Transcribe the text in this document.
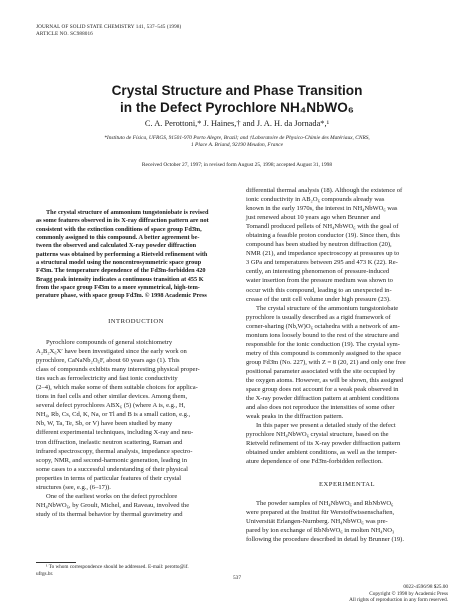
JOURNAL OF SOLID STATE CHEMISTRY 141, 537–545 (1998)
ARTICLE NO. SC988016
Crystal Structure and Phase Transition
in the Defect Pyrochlore NH₄NbWO₆
C. A. Perottoni,* J. Haines,† and J. A. H. da Jornada*,¹
*Instituto de Física, UFRGS, 91501-970 Porto Alegre, Brazil; and †Laboratoire de Physico-Chimie des Matériaux, CNRS,
1 Place A. Briand, 92190 Meudon, France
Received October 27, 1997; in revised form August 25, 1998; accepted August 31, 1998
The crystal structure of ammonium tungstoniobate is revised
as some features observed in its X-ray diffraction pattern are not
consistent with the extinction conditions of space group Fd3̄m,
commonly assigned to this compound. A better agreement be-
tween the observed and calculated X-ray powder diffraction
patterns was obtained by performing a Rietveld refinement with
a structural model using the noncentrosymmetric space group
F4̄3m. The temperature dependence of the Fd3̄m-forbidden 420
Bragg peak intensity indicates a continuous transition at 455 K
from the space group F4̄3m to a more symmetrical, high-tem-
perature phase, with space group Fd3̄m. © 1998 Academic Press
INTRODUCTION
Pyrochlore compounds of general stoichiometry
A₂B₂X₆X′ have been investigated since the early work on
pyrochlore, CaNaNb₂O₆F, about 60 years ago (1). This
class of compounds exhibits many interesting physical proper-
ties such as ferroelectricity and fast ionic conductivity
(2–4), which make some of them suitable choices for applica-
tions in fuel cells and other similar devices. Among them,
several defect pyrochlores ABX₆ (5) (where A is, e.g., H,
NH₄, Rb, Cs, Cd, K, Na, or Tl and B is a small cation, e.g.,
Nb, W, Ta, Te, Sb, or V) have been studied by many
different experimental techniques, including X-ray and neu-
tron diffraction, inelastic neutron scattering, Raman and
infrared spectroscopy, thermal analysis, impedance spectro-
scopy, NMR, and second-harmonic generation, leading in
some cases to a successful understanding of their physical
properties in terms of particular features of their crystal
structures (see, e.g., (6–17)).
One of the earliest works on the defect pyrochlore
NH₄NbWO₆, by Groult, Michel, and Raveau, involved the
study of its thermal behavior by thermal gravimetry and
¹ To whom correspondence should be addressed. E-mail: perotto@if.
ufrgs.br.
differential thermal analysis (18). Although the existence of
ionic conductivity in AB₂O₆ compounds already was
known in the early 1970s, the interest in NH₄NbWO₆ was
just renewed about 10 years ago when Brunner and
Tomandl produced pellets of NH₄NbWO₆ with the goal of
obtaining a feasible proton conductor (19). Since then, this
compound has been studied by neutron diffraction (20),
NMR (21), and impedance spectroscopy at pressures up to
3 GPa and temperatures between 295 and 473 K (22). Re-
cently, an interesting phenomenon of pressure-induced
water insertion from the pressure medium was shown to
occur with this compound, leading to an unexpected in-
crease of the unit cell volume under high pressure (23).
The crystal structure of the ammonium tungstoniobate
pyrochlore is usually described as a rigid framework of
corner-sharing (Nb,W)O₆ octahedra with a network of am-
monium ions loosely bound to the rest of the structure and
responsible for the ionic conduction (19). The crystal sym-
metry of this compound is commonly assigned to the space
group Fd3̄m (No. 227), with Z = 8 (20, 21) and only one free
positional parameter associated with the site occupied by
the oxygen atoms. However, as will be shown, this assigned
space group does not account for a weak peak observed in
the X-ray powder diffraction pattern at ambient conditions
and also does not reproduce the intensities of some other
weak peaks in the diffraction pattern.
In this paper we present a detailed study of the defect
pyrochlore NH₄NbWO₆ crystal structure, based on the
Rietveld refinement of its X-ray powder diffraction pattern
obtained under ambient conditions, as well as the temper-
ature dependence of one Fd3̄m-forbidden reflection.
EXPERIMENTAL
The powder samples of NH₄NbWO₆ and RbNbWO₆
were prepared at the Institut für Werstoffwissenschaften,
Universität Erlangen-Nurnberg. NH₄NbWO₆ was pre-
pared by ion exchange of RbNbWO₆ in molten NH₄NO₃
following the procedure described in detail by Brunner (19).
537
0022-4596/98 $25.00
Copyright © 1998 by Academic Press
All rights of reproduction in any form reserved.
